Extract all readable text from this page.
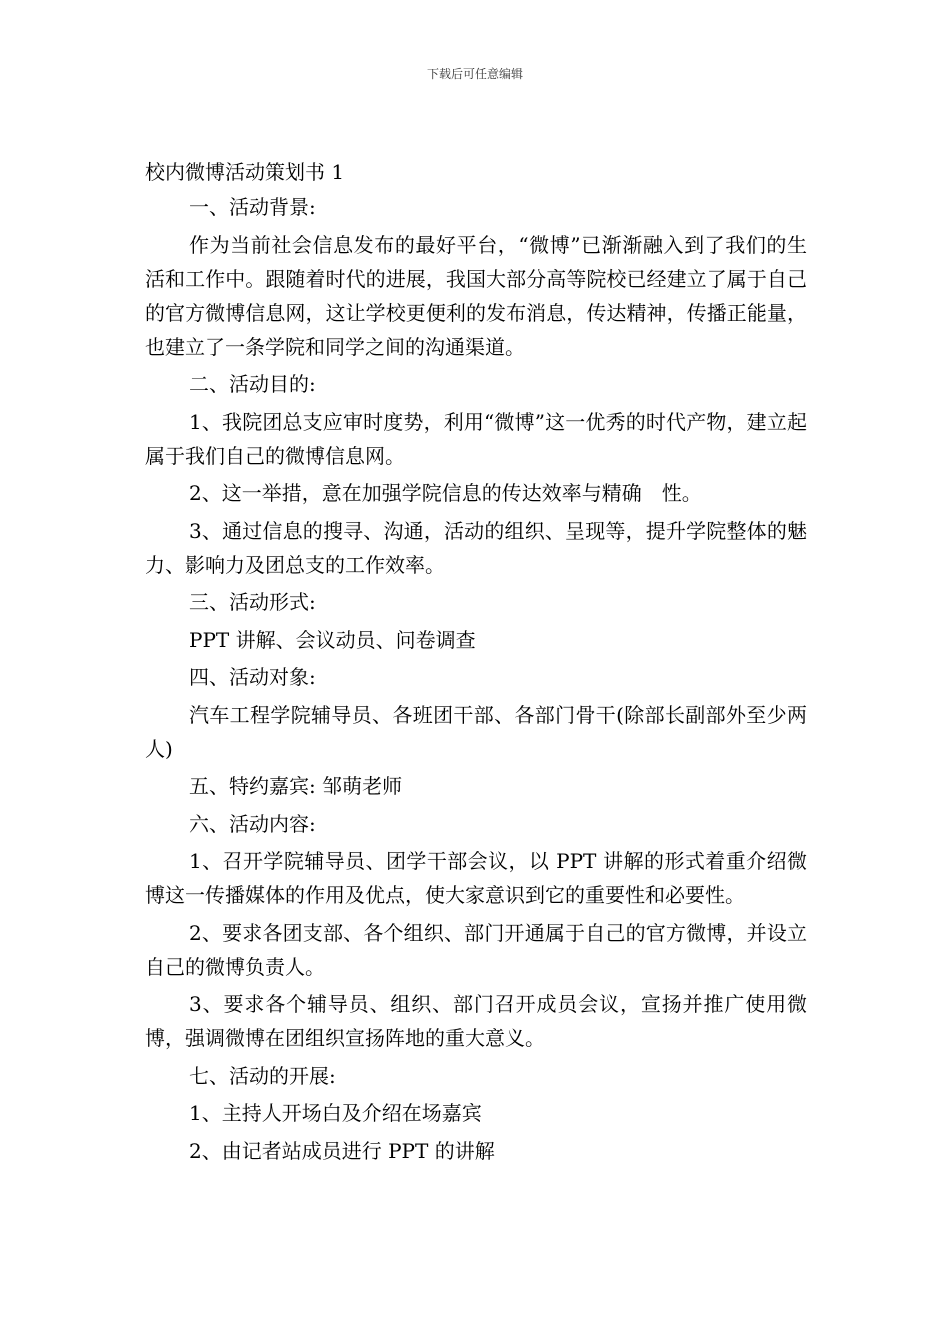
下载后可任意编辑
校内微博活动策划书 1

一、活动背景:

作为当前社会信息发布的最好平台，“微博”已渐渐融入到了我们的生活和工作中。跟随着时代的进展，我国大部分高等院校已经建立了属于自己的官方微博信息网，这让学校更便利的发布消息，传达精神，传播正能量，也建立了一条学院和同学之间的沟通渠道。

二、活动目的:

1、我院团总支应审时度势，利用“微博”这一优秀的时代产物，建立起属于我们自己的微博信息网。

2、这一举措，意在加强学院信息的传达效率与精确　性。

3、通过信息的搜寻、沟通，活动的组织、呈现等，提升学院整体的魅力、影响力及团总支的工作效率。

三、活动形式:

PPT 讲解、会议动员、问卷调查

四、活动对象:

汽车工程学院辅导员、各班团干部、各部门骨干(除部长副部外至少两人)

五、特约嘉宾: 邹萌老师

六、活动内容:

1、召开学院辅导员、团学干部会议，以 PPT 讲解的形式着重介绍微博这一传播媒体的作用及优点，使大家意识到它的重要性和必要性。

2、要求各团支部、各个组织、部门开通属于自己的官方微博，并设立自己的微博负责人。

3、要求各个辅导员、组织、部门召开成员会议，宣扬并推广使用微博，强调微博在团组织宣扬阵地的重大意义。

七、活动的开展:

1、主持人开场白及介绍在场嘉宾

2、由记者站成员进行 PPT 的讲解
